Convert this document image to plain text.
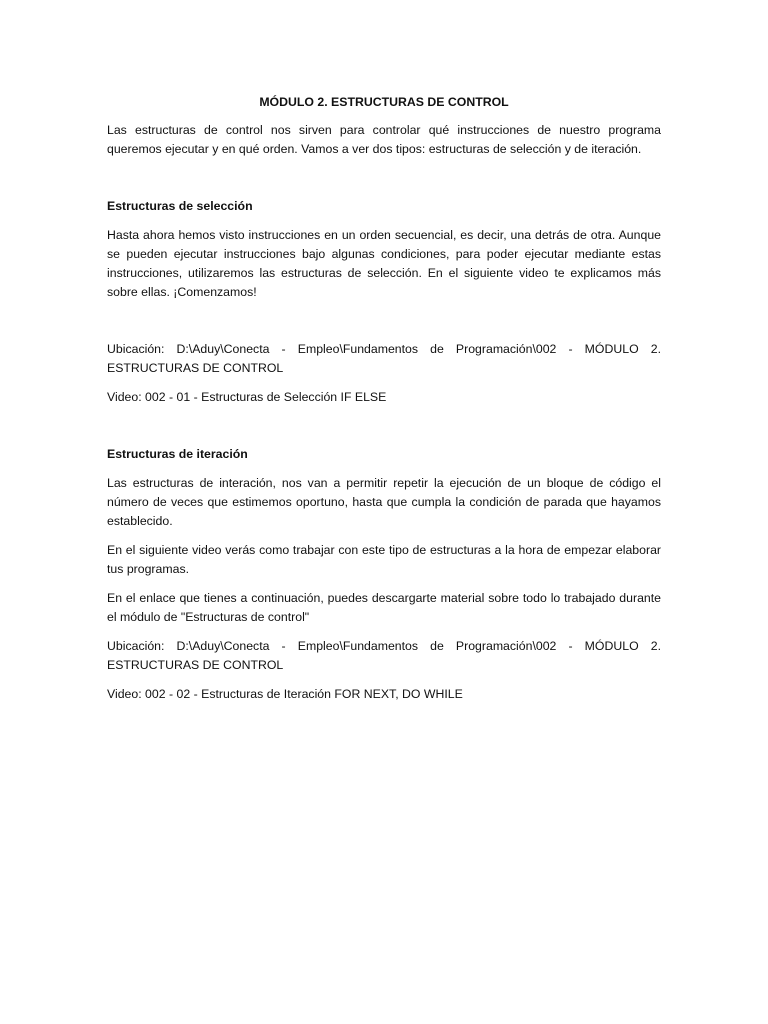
MÓDULO 2. ESTRUCTURAS DE CONTROL

Las estructuras de control nos sirven para controlar qué instrucciones de nuestro programa queremos ejecutar y en qué orden. Vamos a ver dos tipos: estructuras de selección y de iteración.

Estructuras de selección

Hasta ahora hemos visto instrucciones en un orden secuencial, es decir, una detrás de otra. Aunque se pueden ejecutar instrucciones bajo algunas condiciones, para poder ejecutar mediante estas instrucciones, utilizaremos las estructuras de selección. En el siguiente video te explicamos más sobre ellas. ¡Comenzamos!

Ubicación: D:\Aduy\Conecta - Empleo\Fundamentos de Programación\002 - MÓDULO 2. ESTRUCTURAS DE CONTROL

Video: 002 - 01 - Estructuras de Selección IF ELSE

Estructuras de iteración

Las estructuras de interación, nos van a permitir repetir la ejecución de un bloque de código el número de veces que estimemos oportuno, hasta que cumpla la condición de parada que hayamos establecido.

En el siguiente video verás como trabajar con este tipo de estructuras a la hora de empezar elaborar tus programas.

En el enlace que tienes a continuación, puedes descargarte material sobre todo lo trabajado durante el módulo de "Estructuras de control"

Ubicación: D:\Aduy\Conecta - Empleo\Fundamentos de Programación\002 - MÓDULO 2. ESTRUCTURAS DE CONTROL

Video: 002 - 02 - Estructuras de Iteración FOR NEXT, DO WHILE
